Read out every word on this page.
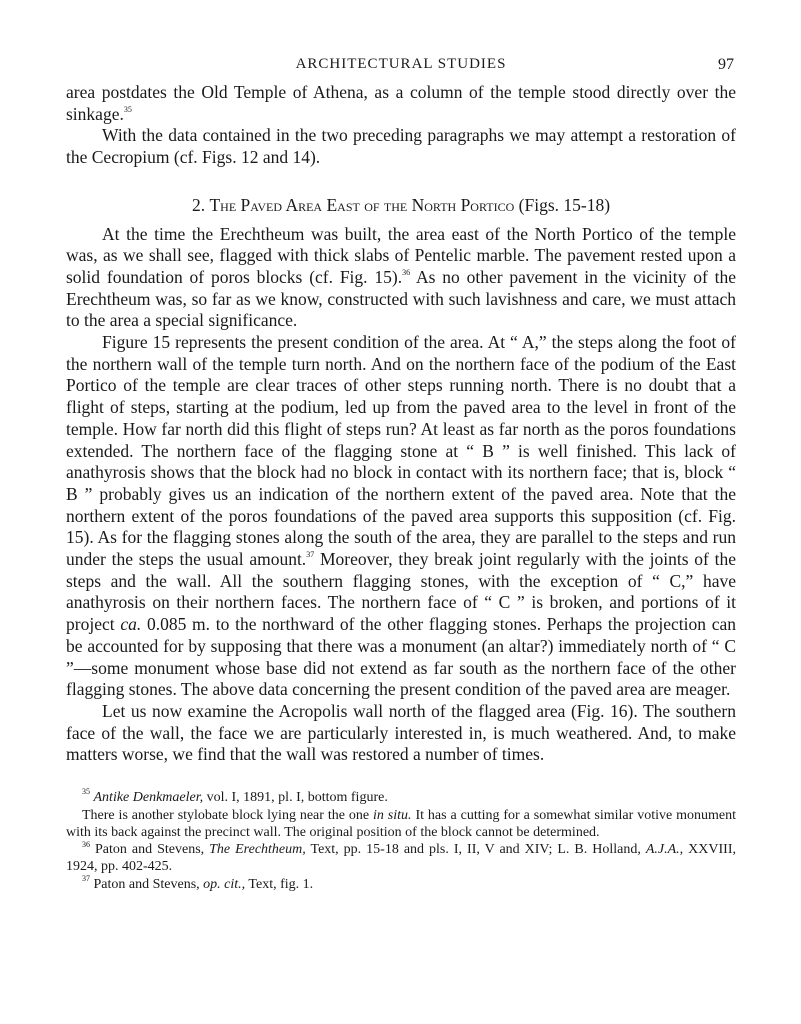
ARCHITECTURAL STUDIES	97

area postdates the Old Temple of Athena, as a column of the temple stood directly over the sinkage.$^{35}$

With the data contained in the two preceding paragraphs we may attempt a restoration of the Cecropium (cf. Figs. 12 and 14).

2. The Paved Area East of the North Portico (Figs. 15-18)

At the time the Erechtheum was built, the area east of the North Portico of the temple was, as we shall see, flagged with thick slabs of Pentelic marble. The pavement rested upon a solid foundation of poros blocks (cf. Fig. 15).$^{36}$ As no other pavement in the vicinity of the Erechtheum was, so far as we know, constructed with such lavishness and care, we must attach to the area a special significance.

Figure 15 represents the present condition of the area. At “ A,” the steps along the foot of the northern wall of the temple turn north. And on the northern face of the podium of the East Portico of the temple are clear traces of other steps running north. There is no doubt that a flight of steps, starting at the podium, led up from the paved area to the level in front of the temple. How far north did this flight of steps run? At least as far north as the poros foundations extended. The northern face of the flagging stone at “ B ” is well finished. This lack of anathyrosis shows that the block had no block in contact with its northern face; that is, block “ B ” probably gives us an indication of the northern extent of the paved area. Note that the northern extent of the poros foundations of the paved area supports this supposition (cf. Fig. 15). As for the flagging stones along the south of the area, they are parallel to the steps and run under the steps the usual amount.$^{37}$ Moreover, they break joint regularly with the joints of the steps and the wall. All the southern flagging stones, with the exception of “ C,” have anathyrosis on their northern faces. The northern face of “ C ” is broken, and portions of it project ca. 0.085 m. to the northward of the other flagging stones. Perhaps the projection can be accounted for by supposing that there was a monument (an altar?) immediately north of “ C ”—some monument whose base did not extend as far south as the northern face of the other flagging stones. The above data concerning the present condition of the paved area are meager.

Let us now examine the Acropolis wall north of the flagged area (Fig. 16). The southern face of the wall, the face we are particularly interested in, is much weathered. And, to make matters worse, we find that the wall was restored a number of times.

$^{35}$ Antike Denkmaeler, vol. I, 1891, pl. I, bottom figure.

There is another stylobate block lying near the one in situ. It has a cutting for a somewhat similar votive monument with its back against the precinct wall. The original position of the block cannot be determined.

$^{36}$ Paton and Stevens, The Erechtheum, Text, pp. 15-18 and pls. I, II, V and XIV; L. B. Holland, A.J.A., XXVIII, 1924, pp. 402-425.

$^{37}$ Paton and Stevens, op. cit., Text, fig. 1.
